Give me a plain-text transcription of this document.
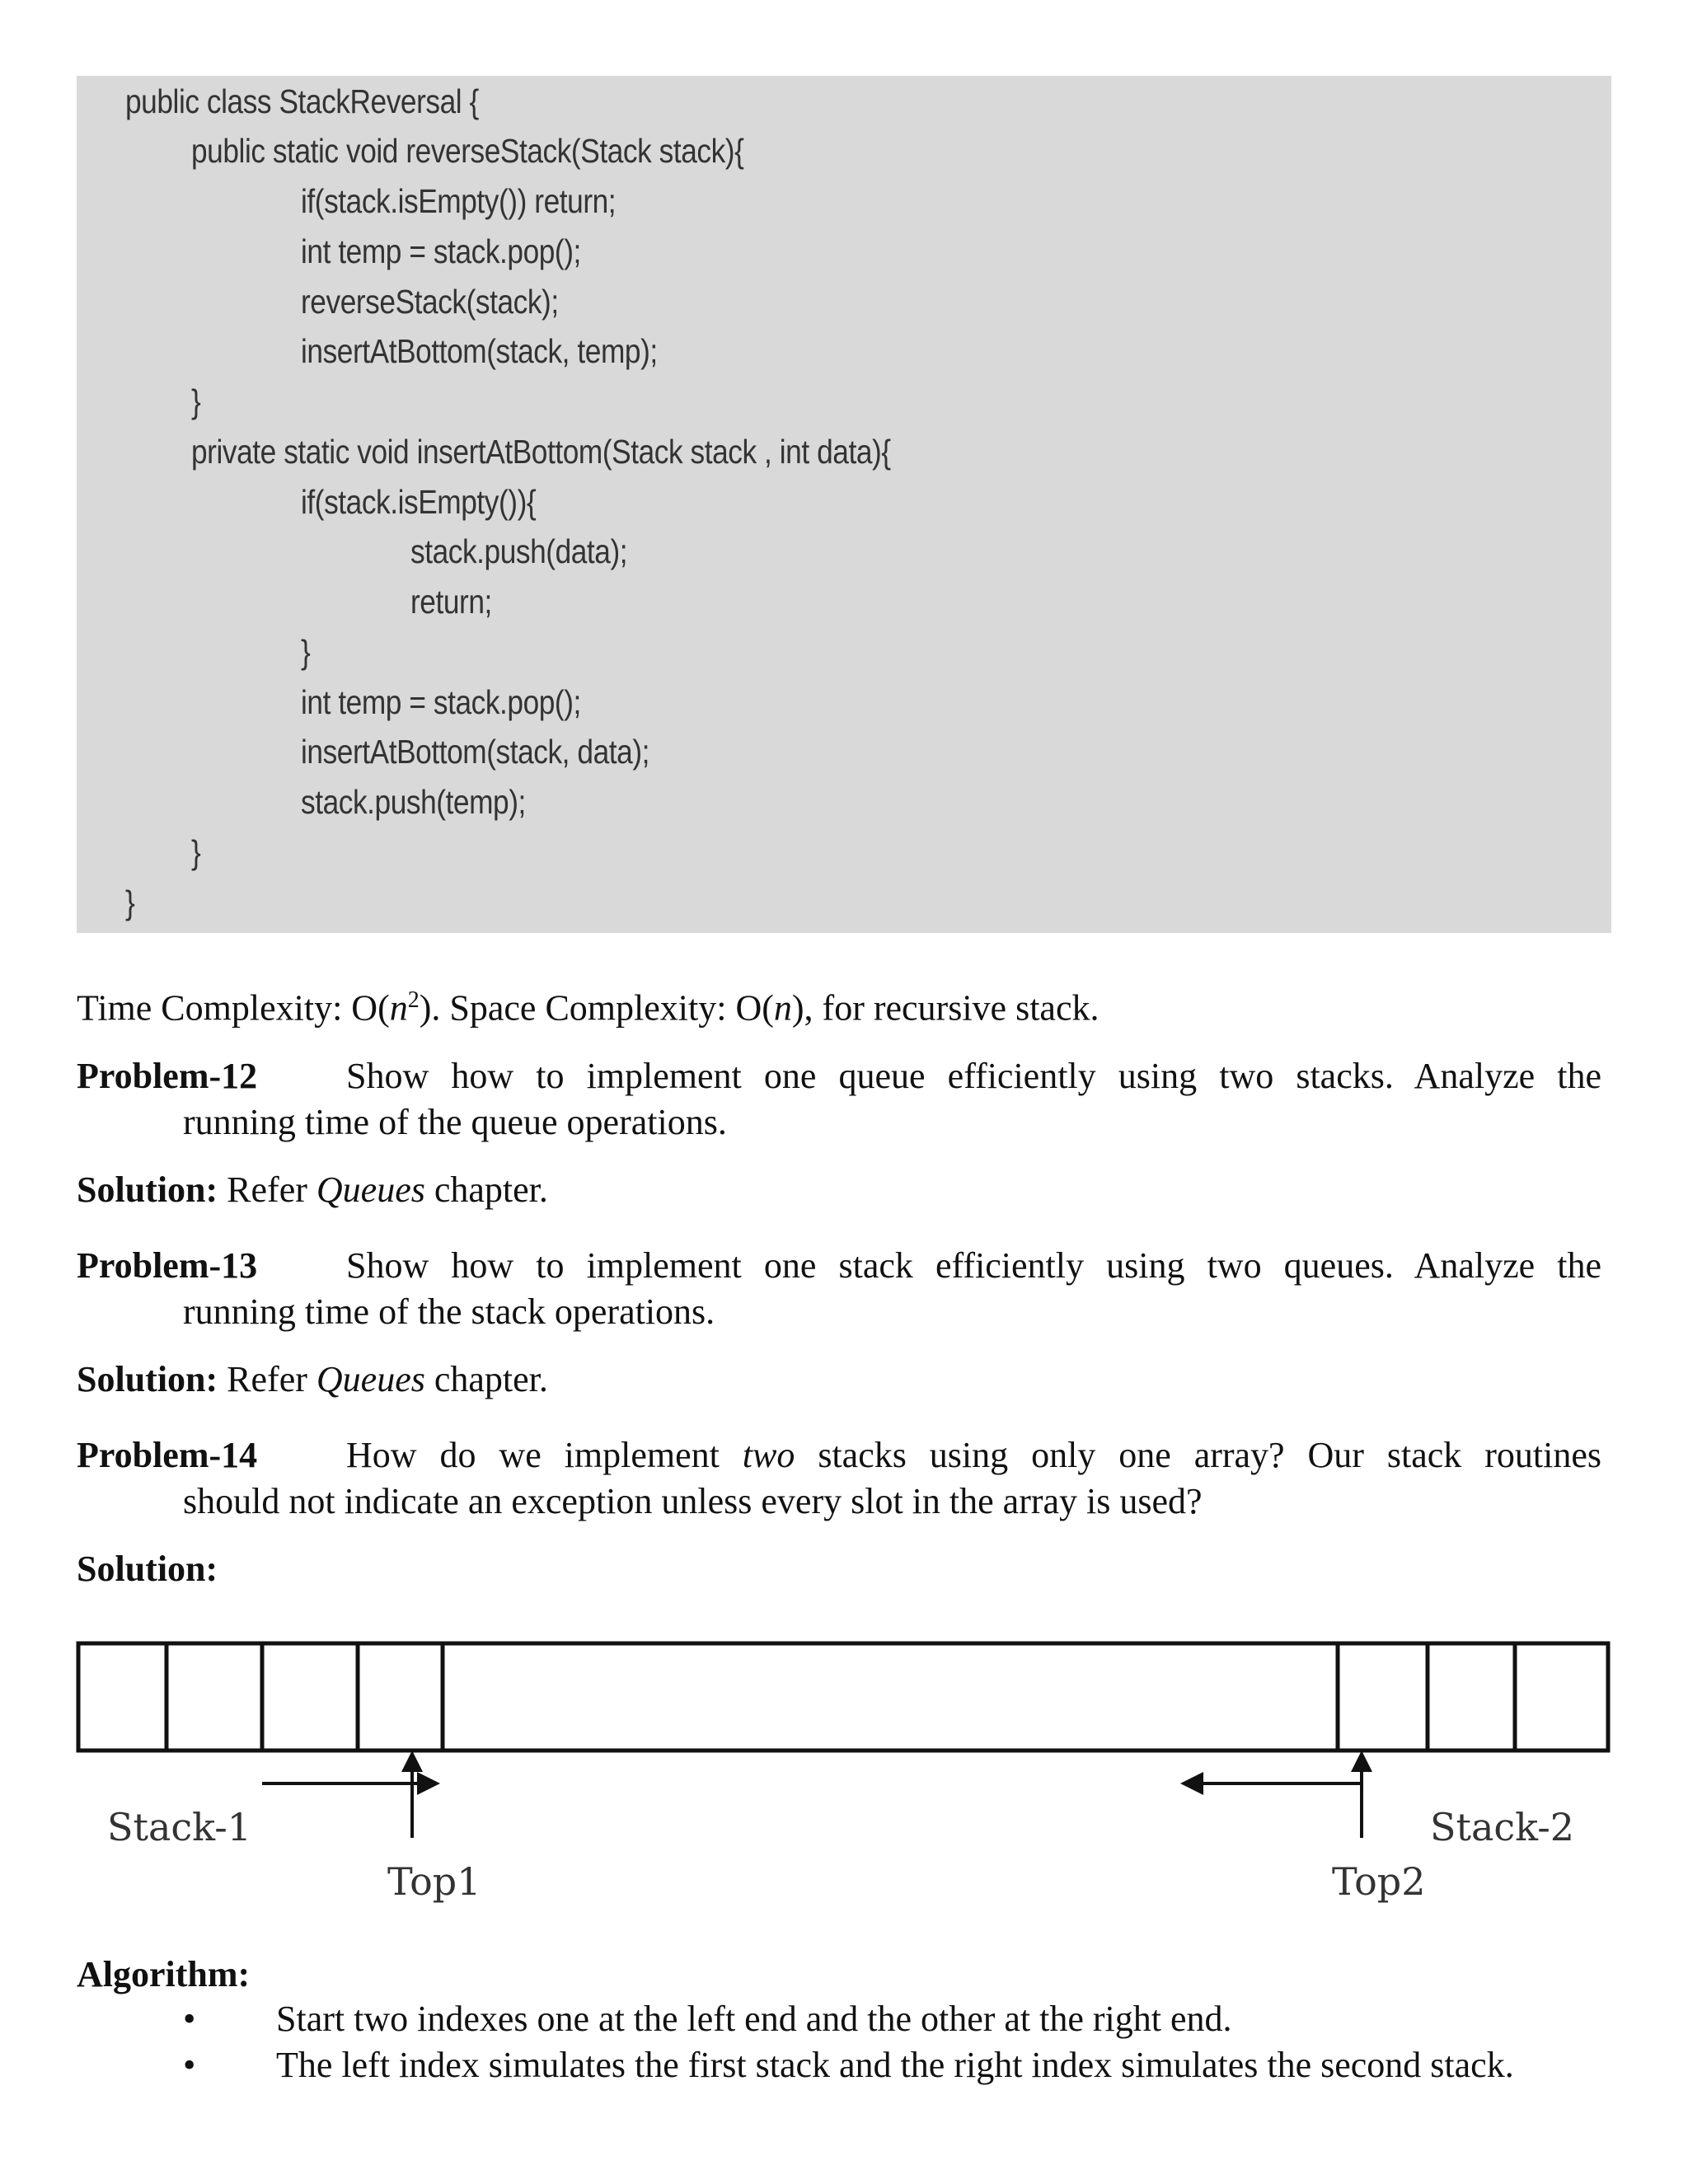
public class StackReversal {
public static void reverseStack(Stack stack){
if(stack.isEmpty()) return;
int temp = stack.pop();
reverseStack(stack);
insertAtBottom(stack, temp);
}
private static void insertAtBottom(Stack stack , int data){
if(stack.isEmpty()){
stack.push(data);
return;
}
int temp = stack.pop();
insertAtBottom(stack, data);
stack.push(temp);
}
}
Time Complexity: $O(n^2)$. Space Complexity: O(n), for recursive stack.
Problem-12 Show how to implement one queue efficiently using two stacks. Analyze the
running time of the queue operations.
Solution: Refer Queues chapter.
Problem-13 Show how to implement one stack efficiently using two queues. Analyze the
running time of the stack operations.
Solution: Refer Queues chapter.
Problem-14 How do we implement two stacks using only one array? Our stack routines
should not indicate an exception unless every slot in the array is used?
Solution:
Stack-1
Top1	Top2
Stack-2
Algorithm:
• Start two indexes one at the left end and the other at the right end.
• The left index simulates the first stack and the right index simulates the second stack.
